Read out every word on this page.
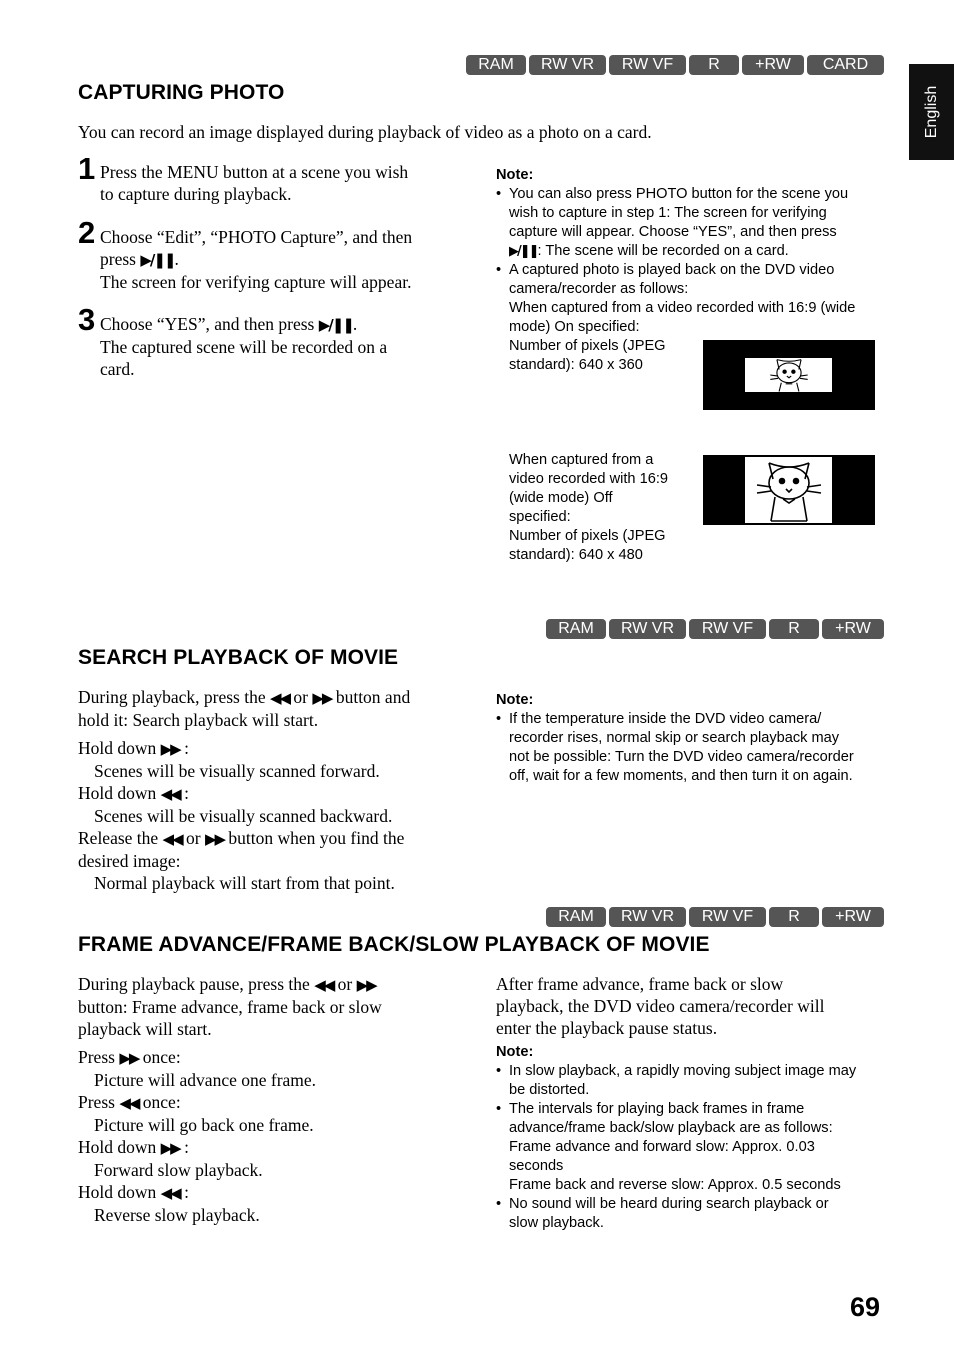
English
RAM	RW VR	RW VF	R	+RW	CARD
CAPTURING PHOTO
You can record an image displayed during playback of video as a photo on a card.
1 Press the MENU button at a scene you wish

to capture during playback.

2 Choose “Edit”, “PHOTO Capture”, and then

press ▶/❚❚.

The screen for verifying capture will appear.

3 Choose “YES”, and then press ▶/❚❚.

The captured scene will be recorded on a

card.

Note:

• You can also press PHOTO button for the scene you

wish to capture in step 1: The screen for verifying

capture will appear. Choose “YES”, and then press

▶/❚❚: The scene will be recorded on a card.

• A captured photo is played back on the DVD video

camera/recorder as follows:

When captured from a video recorded with 16:9 (wide

mode) On specified:

Number of pixels (JPEG

standard): 640 x 360

When captured from a

video recorded with 16:9

(wide mode) Off

specified:

Number of pixels (JPEG

standard): 640 x 480

RAM	RW VR	RW VF	R	+RW
SEARCH PLAYBACK OF MOVIE

During playback, press the ◀◀ or ▶▶ button and

hold it: Search playback will start.

Hold down ▶▶ :

Scenes will be visually scanned forward.

Hold down ◀◀ :

Scenes will be visually scanned backward.

Release the ◀◀ or ▶▶ button when you find the

desired image:

Normal playback will start from that point.

Note:

• If the temperature inside the DVD video camera/

recorder rises, normal skip or search playback may

not be possible: Turn the DVD video camera/recorder

off, wait for a few moments, and then turn it on again.

RAM	RW VR	RW VF	R	+RW
FRAME ADVANCE/FRAME BACK/SLOW PLAYBACK OF MOVIE

During playback pause, press the ◀◀ or ▶▶

button: Frame advance, frame back or slow

playback will start.

Press ▶▶ once:

Picture will advance one frame.

Press ◀◀ once:

Picture will go back one frame.

Hold down ▶▶ :

Forward slow playback.

Hold down ◀◀ :

Reverse slow playback.

After frame advance, frame back or slow

playback, the DVD video camera/recorder will

enter the playback pause status.

Note:

• In slow playback, a rapidly moving subject image may

be distorted.

• The intervals for playing back frames in frame

advance/frame back/slow playback are as follows:

Frame advance and forward slow: Approx. 0.03

seconds

Frame back and reverse slow: Approx. 0.5 seconds

• No sound will be heard during search playback or

slow playback.

69
